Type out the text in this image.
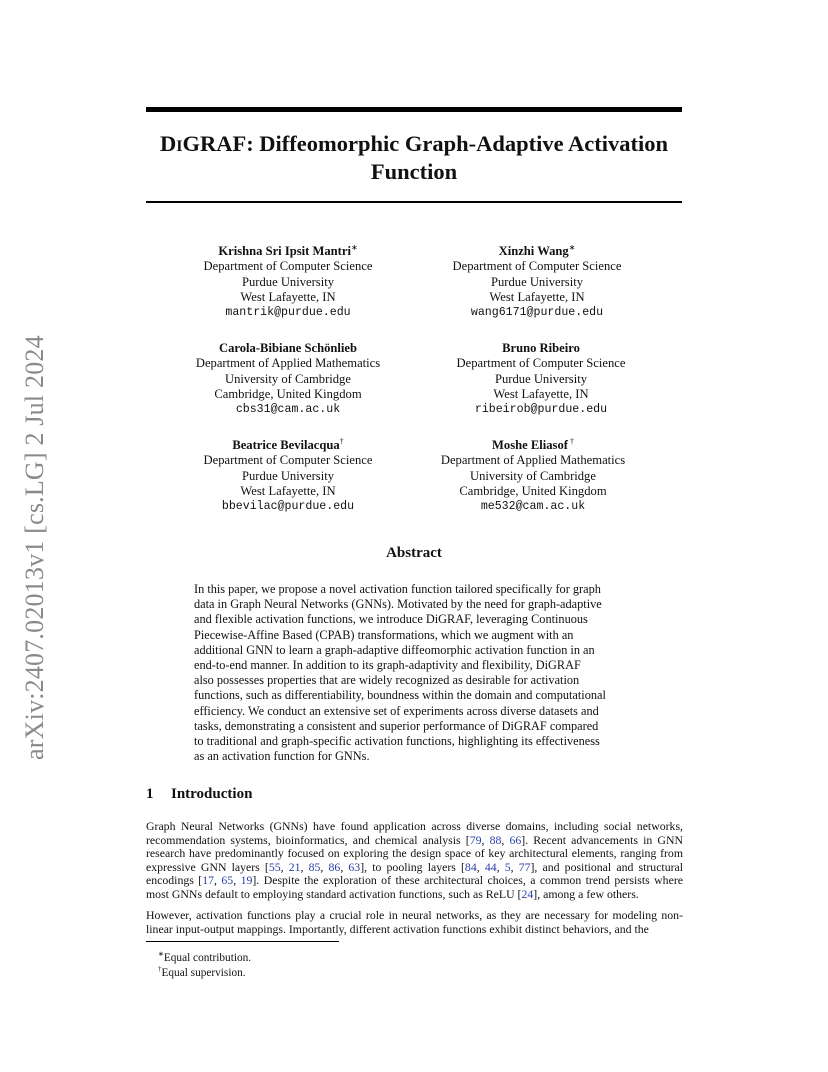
arXiv:2407.02013v1 [cs.LG] 2 Jul 2024
DiGRAF: Diffeomorphic Graph-Adaptive Activation
Function
Krishna Sri Ipsit Mantri∗
Department of Computer Science
Purdue University
West Lafayette, IN
mantrik@purdue.edu
Xinzhi Wang∗
Department of Computer Science
Purdue University
West Lafayette, IN
wang6171@purdue.edu
Carola-Bibiane Schönlieb
Department of Applied Mathematics
University of Cambridge
Cambridge, United Kingdom
cbs31@cam.ac.uk
Bruno Ribeiro
Department of Computer Science
Purdue University
West Lafayette, IN
ribeirob@purdue.edu
Beatrice Bevilacqua†
Department of Computer Science
Purdue University
West Lafayette, IN
bbevilac@purdue.edu
Moshe Eliasof †
Department of Applied Mathematics
University of Cambridge
Cambridge, United Kingdom
me532@cam.ac.uk
Abstract
In this paper, we propose a novel activation function tailored specifically for graph
data in Graph Neural Networks (GNNs). Motivated by the need for graph-adaptive
and flexible activation functions, we introduce DiGRAF, leveraging Continuous
Piecewise-Affine Based (CPAB) transformations, which we augment with an
additional GNN to learn a graph-adaptive diffeomorphic activation function in an
end-to-end manner. In addition to its graph-adaptivity and flexibility, DiGRAF
also possesses properties that are widely recognized as desirable for activation
functions, such as differentiability, boundness within the domain and computational
efficiency. We conduct an extensive set of experiments across diverse datasets and
tasks, demonstrating a consistent and superior performance of DiGRAF compared
to traditional and graph-specific activation functions, highlighting its effectiveness
as an activation function for GNNs.
1 Introduction
Graph Neural Networks (GNNs) have found application across diverse domains, including social networks, recommendation systems, bioinformatics, and chemical analysis [79, 88, 66]. Recent advancements in GNN research have predominantly focused on exploring the design space of key architectural elements, ranging from expressive GNN layers [55, 21, 85, 86, 63], to pooling layers [84, 44, 5, 77], and positional and structural encodings [17, 65, 19]. Despite the exploration of these architectural choices, a common trend persists where most GNNs default to employing standard activation functions, such as ReLU [24], among a few others.
However, activation functions play a crucial role in neural networks, as they are necessary for modeling non-linear input-output mappings. Importantly, different activation functions exhibit distinct behaviors, and the
∗Equal contribution.
†Equal supervision.
